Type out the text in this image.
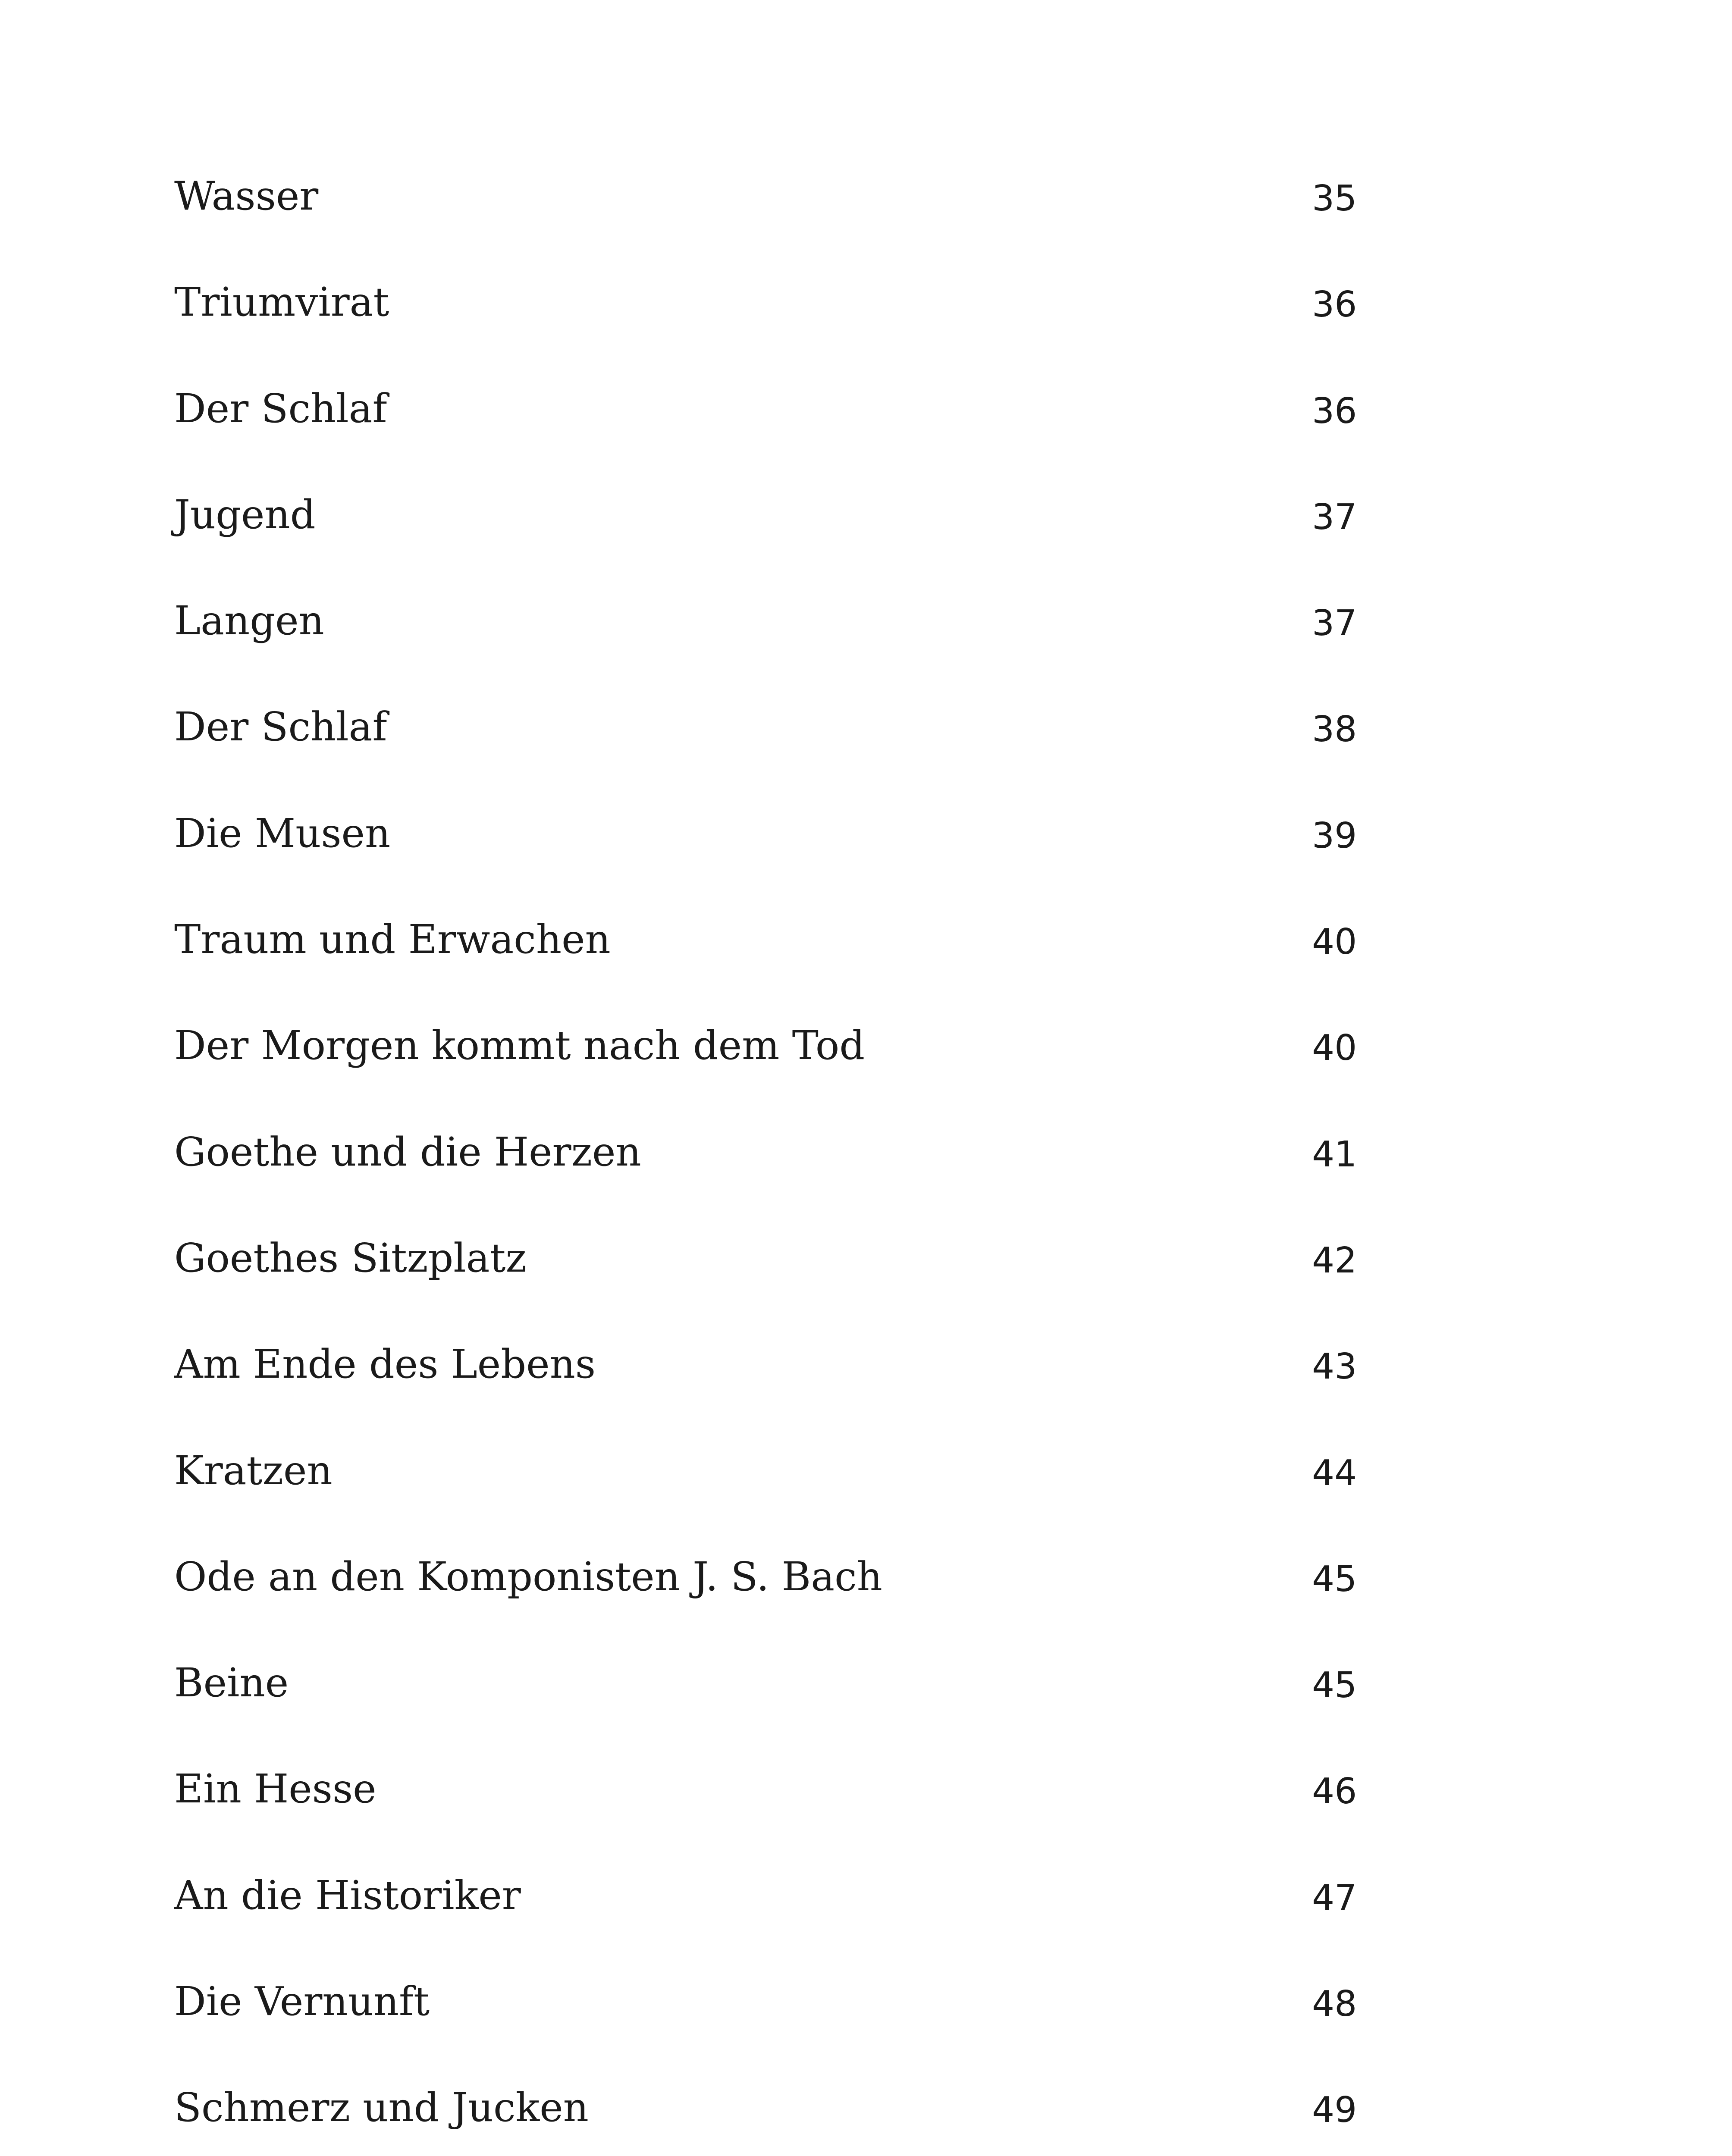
Wasser	35
Triumvirat	36
Der Schlaf	36
Jugend	37
Langen	37
Der Schlaf	38
Die Musen	39
Traum und Erwachen	40
Der Morgen kommt nach dem Tod	40
Goethe und die Herzen	41
Goethes Sitzplatz	42
Am Ende des Lebens	43
Kratzen	44
Ode an den Komponisten J. S. Bach	45
Beine	45
Ein Hesse	46
An die Historiker	47
Die Vernunft	48
Schmerz und Jucken	49
